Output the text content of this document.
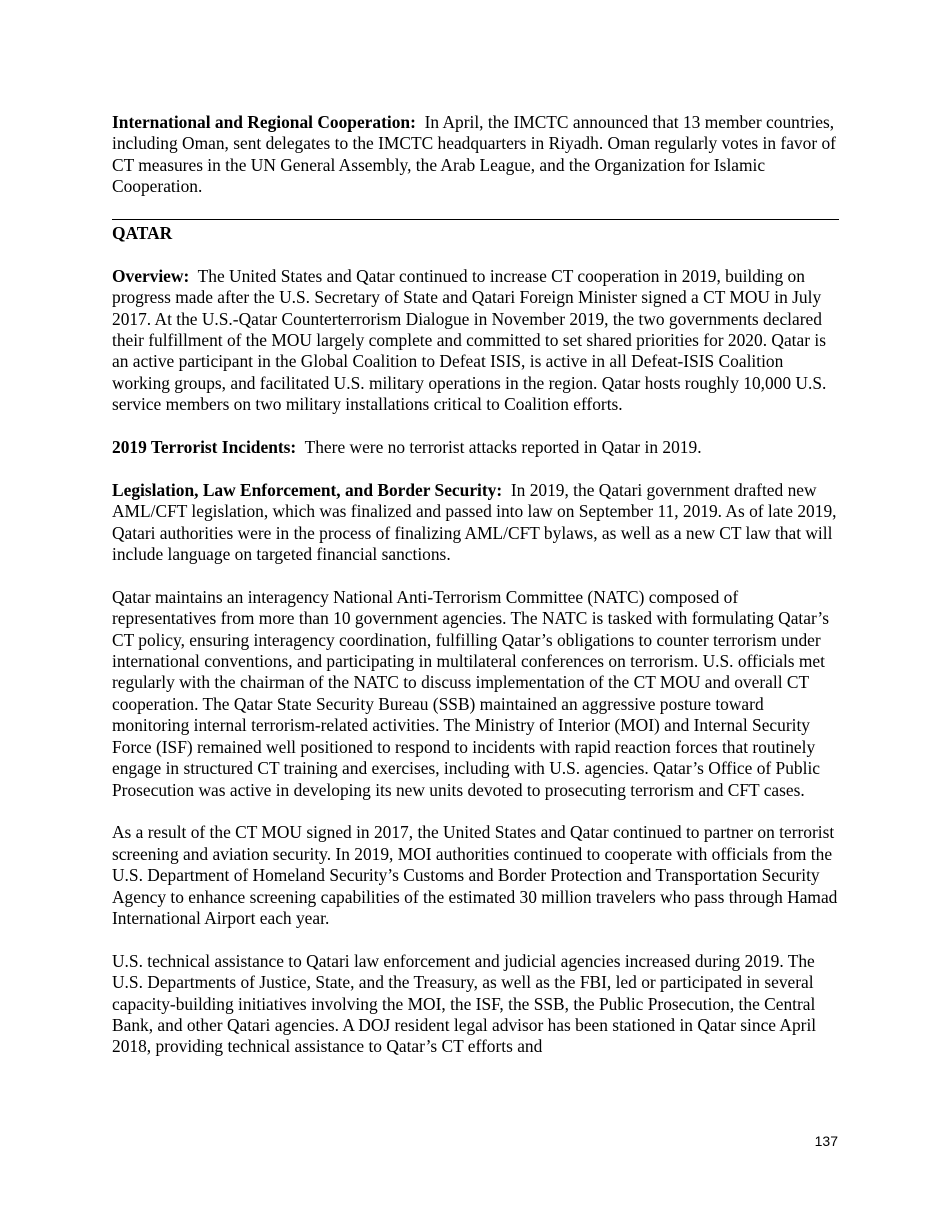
International and Regional Cooperation: In April, the IMCTC announced that 13 member countries, including Oman, sent delegates to the IMCTC headquarters in Riyadh. Oman regularly votes in favor of CT measures in the UN General Assembly, the Arab League, and the Organization for Islamic Cooperation.

QATAR

Overview: The United States and Qatar continued to increase CT cooperation in 2019, building on progress made after the U.S. Secretary of State and Qatari Foreign Minister signed a CT MOU in July 2017. At the U.S.-Qatar Counterterrorism Dialogue in November 2019, the two governments declared their fulfillment of the MOU largely complete and committed to set shared priorities for 2020. Qatar is an active participant in the Global Coalition to Defeat ISIS, is active in all Defeat-ISIS Coalition working groups, and facilitated U.S. military operations in the region. Qatar hosts roughly 10,000 U.S. service members on two military installations critical to Coalition efforts.

2019 Terrorist Incidents: There were no terrorist attacks reported in Qatar in 2019.

Legislation, Law Enforcement, and Border Security: In 2019, the Qatari government drafted new AML/CFT legislation, which was finalized and passed into law on September 11, 2019. As of late 2019, Qatari authorities were in the process of finalizing AML/CFT bylaws, as well as a new CT law that will include language on targeted financial sanctions.

Qatar maintains an interagency National Anti-Terrorism Committee (NATC) composed of representatives from more than 10 government agencies. The NATC is tasked with formulating Qatar’s CT policy, ensuring interagency coordination, fulfilling Qatar’s obligations to counter terrorism under international conventions, and participating in multilateral conferences on terrorism. U.S. officials met regularly with the chairman of the NATC to discuss implementation of the CT MOU and overall CT cooperation. The Qatar State Security Bureau (SSB) maintained an aggressive posture toward monitoring internal terrorism-related activities. The Ministry of Interior (MOI) and Internal Security Force (ISF) remained well positioned to respond to incidents with rapid reaction forces that routinely engage in structured CT training and exercises, including with U.S. agencies. Qatar’s Office of Public Prosecution was active in developing its new units devoted to prosecuting terrorism and CFT cases.

As a result of the CT MOU signed in 2017, the United States and Qatar continued to partner on terrorist screening and aviation security. In 2019, MOI authorities continued to cooperate with officials from the U.S. Department of Homeland Security’s Customs and Border Protection and Transportation Security Agency to enhance screening capabilities of the estimated 30 million travelers who pass through Hamad International Airport each year.

U.S. technical assistance to Qatari law enforcement and judicial agencies increased during 2019. The U.S. Departments of Justice, State, and the Treasury, as well as the FBI, led or participated in several capacity-building initiatives involving the MOI, the ISF, the SSB, the Public Prosecution, the Central Bank, and other Qatari agencies. A DOJ resident legal advisor has been stationed in Qatar since April 2018, providing technical assistance to Qatar’s CT efforts and

137
